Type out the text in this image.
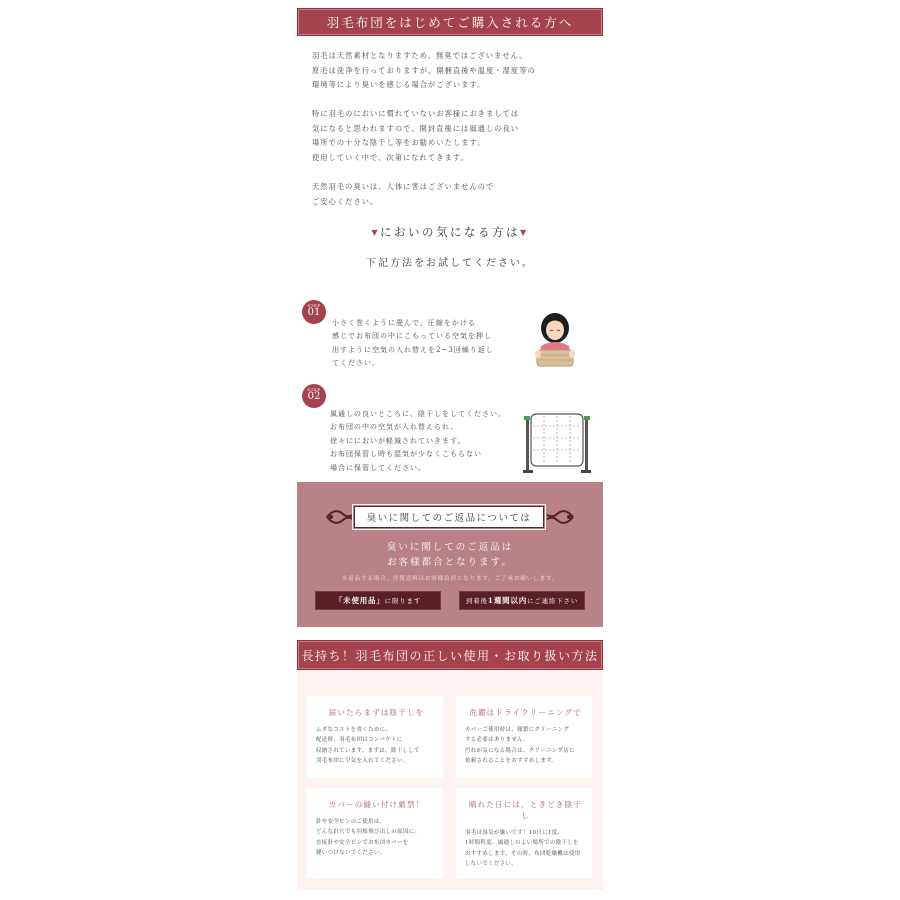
羽毛布団をはじめてご購入される方へ

羽毛は天然素材となりますため、無臭ではございません。
原毛は洗浄を行っておりますが、開梱直後や温度・湿度等の
環境等により臭いを感じる場合がございます。

特に羽毛のにおいに慣れていないお客様におきましては
気になると思われますので、開封直後には風通しの良い
場所での十分な陰干し等をお勧めいたします。
使用していく中で、次第になれてきます。

天然羽毛の臭いは、人体に害はございませんので
ご安心ください。

▼においの気になる方は▼
下記方法をお試してください。
STEP
01
小さく巻くように畳んで、圧縮をかける
感じでお布団の中にこもっている空気を押し
出すように空気の入れ替えを2~3回繰り返し
てください。
STEP
02
風通しの良いところに、陰干しをしてください。
お布団の中の空気が入れ替えられ、
徐々ににおいが軽減されていきます。
お布団保管し時も湿気が少なくこもらない
場合に保管してください。
臭いに関してのご返品については
臭いに関してのご返品は
お客様都合となります。
※返品する場合、往復送料はお客様負担となります。ご了承お願いします。
「未使用品」 に限ります	到着後 1週間以内 にご連絡下さい
長持ち！羽毛布団の正しい使用・お取り扱い方法
届いたらまずは陰干しを
ムダなコストを省くために、
配送時、羽毛布団はコンパクトに
収納されています。まずは、陰干しして
羽毛布団に空気を入れてください。
洗濯はドライクリーニングで
カバーご使用時は、頻繁にクリーニング
する必要はありません。
汚れが気になる場合は、クリーニング店に
依頼されることをおすすめします。
カバーの縫い付け厳禁！
針や安全ピンのご使用は、
どんな針穴でも羽根飛び出しの原因に。
直接針や安全ピンでお布団カバーを
縫いつけないでください。
晴れた日には、ときどき陰干し
羽毛は湿気が嫌いです！10日に1度、
1時間程度、風通しのよい場所での陰干しを
おすすめします。その時、布団乾燥機は使用
しないでください。
